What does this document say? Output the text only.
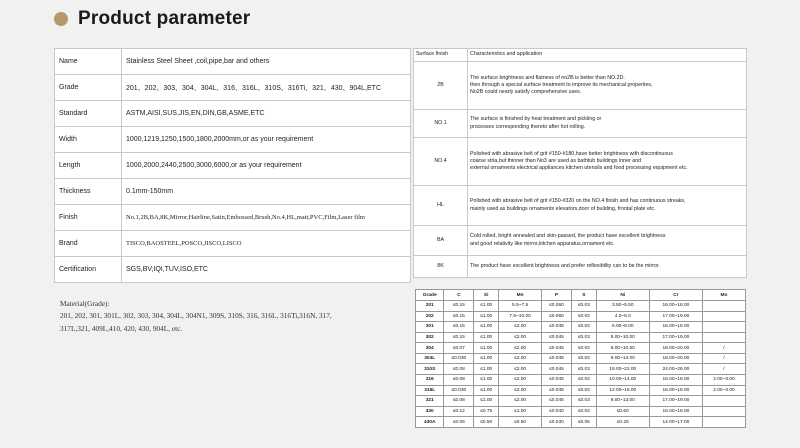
Product parameter
Name	Stainless Steel Sheet ,coil,pipe,bar and others
Grade	201、202、303、304、304L、316、316L、310S、316Ti、321、430、904L,ETC
Standard	ASTM,AISI,SUS,JIS,EN,DIN,GB,ASME,ETC
Width	1000,1219,1250,1500,1800,2000mm,or as your requirement
Length	1000,2000,2440,2500,3000,6000,or as your requirement
Thickness	0.1mm-150mm
Finish	No.1,2B,BA,8K,Mirror,Hairline,Satin,Embossed,Brush,No.4,HL,matt,PVC,Film,Laser film
Brand	TISCO,BAOSTEEL,POSCO,JISCO,LISCO
Certification	SGS,BV,IQI,TUV,ISO,ETC
Surface finish	Characteristics and application
2B	The surface brightness and flatness of no2B is better than NO.2D.
then through a special surface treatment to improve its mechanical properties,
No2B could nearly satisfy comprehensive uses.

NO.1	The surface is finished by heat treatment and pickling or
processes corresponding thereto after hot rolling.

NO.4	Polished with abrasive belt of grit #150-#180,have better brightness with discontinuous
coarse stria,but thinner than No3 are used as bathtub buildings inner and
external ornaments electrical appliances kitchen utensils and food processing equipment etc.

HL	Polished with abrasive belt of grit #150-#320 on the NO.4 finish and has continuous streaks,
mainly used as buildings ornaments elevators,door of building, frontal plate etc.

BA	Cold rolled, bright annealed and skin-passed, the product have excellent brightness
and good relativity like mirror,kitchen apparatus,ornament etc.

8K	The product have excellent brightness and prefer reflexibility can to be the mirror.
Material(Grade):
201, 202, 301, 301L, 302, 303, 304, 304L, 304N1, 309S, 310S, 316, 316L, 316Ti,316N, 317,
317L,321, 409L,410, 420, 430, 904L, etc.
Grade	C	Si	Mn	P	S	Ni	Cr	Mo
201	≤0.15	≤1.00	5.5~7.5	≤0.060	≤0.03	3.50~5.50	16.00~18.00	
202	≤0.15	≤1.00	7.5~10.00	≤0.060	≤0.03	4.0~6.0	17.00~19.00	
301	≤0.15	≤1.00	≤2.00	≤0.045	≤0.03	6.00~8.00	16.00~18.00	
302	≤0.15	≤1.00	≤2.00	≤0.045	≤0.03	8.00~10.00	17.00~19.00	
304	≤0.07	≤1.00	≤2.00	≤0.045	≤0.03	8.00~10.50	18.00~20.00	/
304L	≤0.030	≤1.00	≤2.00	≤0.045	≤0.03	9.00~13.00	18.00~20.00	/
310S	≤0.08	≤1.00	≤2.00	≤0.045	≤0.03	19.00~22.00	24.00~26.00	/
316	≤0.08	≤1.00	≤2.00	≤0.045	≤0.03	10.00~14.00	16.00~18.00	2.00~3.00
316L	≤0.030	≤1.00	≤2.00	≤0.045	≤0.03	12.00~15.00	16.00~18.00	2.00~3.00
321	≤0.08	≤1.00	≤2.00	≤0.045	≤0.03	9.00~13.00	17.00~19.00	
430	≤0.12	≤0.75	≤1.00	≤0.040	≤0.03	≤0.60	16.00~18.00	
430A	≤0.06	≤0.50	≤0.50	≤0.030	≤0.05	≤0.25	14.00~17.00	
